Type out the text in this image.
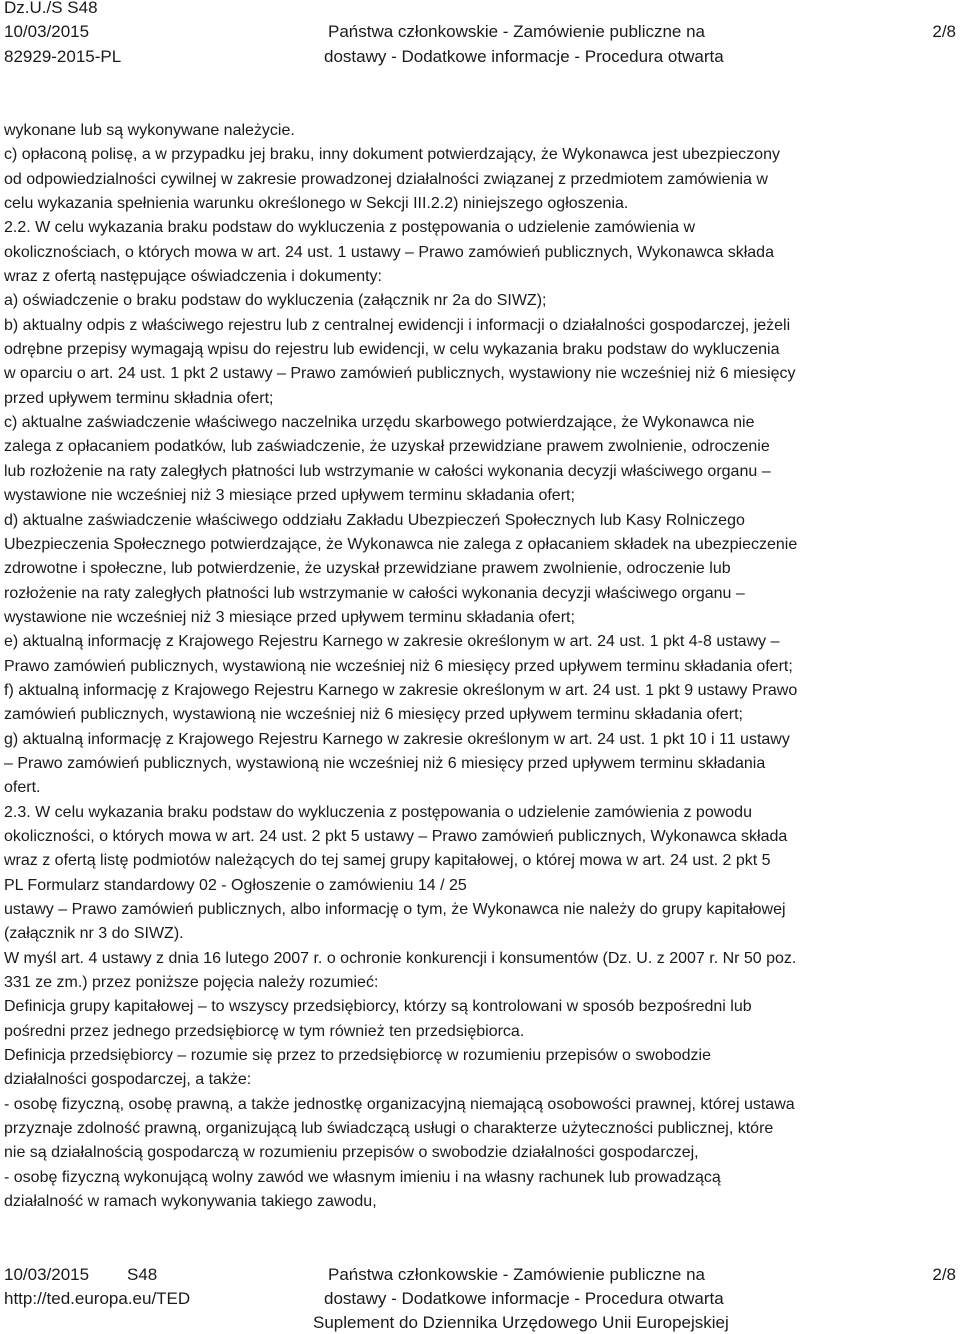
Dz.U./S S48
10/03/2015
82929-2015-PL
Państwa członkowskie - Zamówienie publiczne na
dostawy - Dodatkowe informacje - Procedura otwarta
2/8
wykonane lub są wykonywane należycie.
c) opłaconą polisę, a w przypadku jej braku, inny dokument potwierdzający, że Wykonawca jest ubezpieczony
od odpowiedzialności cywilnej w zakresie prowadzonej działalności związanej z przedmiotem zamówienia w
celu wykazania spełnienia warunku określonego w Sekcji III.2.2) niniejszego ogłoszenia.
2.2. W celu wykazania braku podstaw do wykluczenia z postępowania o udzielenie zamówienia w
okolicznościach, o których mowa w art. 24 ust. 1 ustawy – Prawo zamówień publicznych, Wykonawca składa
wraz z ofertą następujące oświadczenia i dokumenty:
a) oświadczenie o braku podstaw do wykluczenia (załącznik nr 2a do SIWZ);
b) aktualny odpis z właściwego rejestru lub z centralnej ewidencji i informacji o działalności gospodarczej, jeżeli
odrębne przepisy wymagają wpisu do rejestru lub ewidencji, w celu wykazania braku podstaw do wykluczenia
w oparciu o art. 24 ust. 1 pkt 2 ustawy – Prawo zamówień publicznych, wystawiony nie wcześniej niż 6 miesięcy
przed upływem terminu składnia ofert;
c) aktualne zaświadczenie właściwego naczelnika urzędu skarbowego potwierdzające, że Wykonawca nie
zalega z opłacaniem podatków, lub zaświadczenie, że uzyskał przewidziane prawem zwolnienie, odroczenie
lub rozłożenie na raty zaległych płatności lub wstrzymanie w całości wykonania decyzji właściwego organu –
wystawione nie wcześniej niż 3 miesiące przed upływem terminu składania ofert;
d) aktualne zaświadczenie właściwego oddziału Zakładu Ubezpieczeń Społecznych lub Kasy Rolniczego
Ubezpieczenia Społecznego potwierdzające, że Wykonawca nie zalega z opłacaniem składek na ubezpieczenie
zdrowotne i społeczne, lub potwierdzenie, że uzyskał przewidziane prawem zwolnienie, odroczenie lub
rozłożenie na raty zaległych płatności lub wstrzymanie w całości wykonania decyzji właściwego organu –
wystawione nie wcześniej niż 3 miesiące przed upływem terminu składania ofert;
e) aktualną informację z Krajowego Rejestru Karnego w zakresie określonym w art. 24 ust. 1 pkt 4-8 ustawy –
Prawo zamówień publicznych, wystawioną nie wcześniej niż 6 miesięcy przed upływem terminu składania ofert;
f) aktualną informację z Krajowego Rejestru Karnego w zakresie określonym w art. 24 ust. 1 pkt 9 ustawy Prawo
zamówień publicznych, wystawioną nie wcześniej niż 6 miesięcy przed upływem terminu składania ofert;
g) aktualną informację z Krajowego Rejestru Karnego w zakresie określonym w art. 24 ust. 1 pkt 10 i 11 ustawy
– Prawo zamówień publicznych, wystawioną nie wcześniej niż 6 miesięcy przed upływem terminu składania
ofert.
2.3. W celu wykazania braku podstaw do wykluczenia z postępowania o udzielenie zamówienia z powodu
okoliczności, o których mowa w art. 24 ust. 2 pkt 5 ustawy – Prawo zamówień publicznych, Wykonawca składa
wraz z ofertą listę podmiotów należących do tej samej grupy kapitałowej, o której mowa w art. 24 ust. 2 pkt 5
PL Formularz standardowy 02 - Ogłoszenie o zamówieniu 14 / 25
ustawy – Prawo zamówień publicznych, albo informację o tym, że Wykonawca nie należy do grupy kapitałowej
(załącznik nr 3 do SIWZ).
W myśl art. 4 ustawy z dnia 16 lutego 2007 r. o ochronie konkurencji i konsumentów (Dz. U. z 2007 r. Nr 50 poz.
331 ze zm.) przez poniższe pojęcia należy rozumieć:
Definicja grupy kapitałowej – to wszyscy przedsiębiorcy, którzy są kontrolowani w sposób bezpośredni lub
pośredni przez jednego przedsiębiorcę w tym również ten przedsiębiorca.
Definicja przedsiębiorcy – rozumie się przez to przedsiębiorcę w rozumieniu przepisów o swobodzie
działalności gospodarczej, a także:
- osobę fizyczną, osobę prawną, a także jednostkę organizacyjną niemającą osobowości prawnej, której ustawa
przyznaje zdolność prawną, organizującą lub świadczącą usługi o charakterze użyteczności publicznej, które
nie są działalnością gospodarczą w rozumieniu przepisów o swobodzie działalności gospodarczej,
- osobę fizyczną wykonującą wolny zawód we własnym imieniu i na własny rachunek lub prowadzącą
działalność w ramach wykonywania takiego zawodu,
10/03/2015 S48
http://ted.europa.eu/TED
Państwa członkowskie - Zamówienie publiczne na
dostawy - Dodatkowe informacje - Procedura otwarta
Suplement do Dziennika Urzędowego Unii Europejskiej
2/8
